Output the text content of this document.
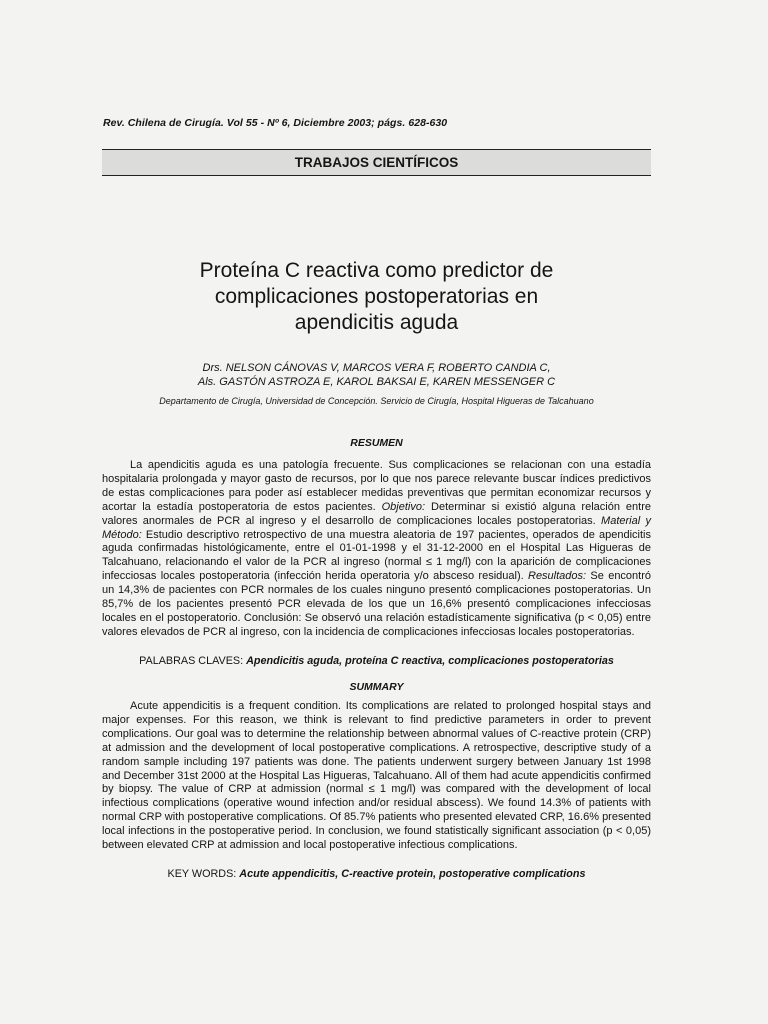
Rev. Chilena de Cirugía. Vol 55 - Nº 6, Diciembre 2003; págs. 628-630
TRABAJOS CIENTÍFICOS
Proteína C reactiva como predictor de
complicaciones postoperatorias en
apendicitis aguda
Drs. NELSON CÁNOVAS V, MARCOS VERA F, ROBERTO CANDIA C,
Als. GASTÓN ASTROZA E, KAROL BAKSAI E, KAREN MESSENGER C
Departamento de Cirugía, Universidad de Concepción. Servicio de Cirugía, Hospital Higueras de Talcahuano
RESUMEN

La apendicitis aguda es una patología frecuente. Sus complicaciones se relacionan con una estadía hospitalaria prolongada y mayor gasto de recursos, por lo que nos parece relevante buscar índices predictivos de estas complicaciones para poder así establecer medidas preventivas que permitan economizar recursos y acortar la estadía postoperatoria de estos pacientes. Objetivo: Determinar si existió alguna relación entre valores anormales de PCR al ingreso y el desarrollo de complicaciones locales postoperatorias. Material y Método: Estudio descriptivo retrospectivo de una muestra aleatoria de 197 pacientes, operados de apendicitis aguda confirmadas histológicamente, entre el 01-01-1998 y el 31-12-2000 en el Hospital Las Higueras de Talcahuano, relacionando el valor de la PCR al ingreso (normal ≤ 1 mg/l) con la aparición de complicaciones infecciosas locales postoperatoria (infección herida operatoria y/o absceso residual). Resultados: Se encontró un 14,3% de pacientes con PCR normales de los cuales ninguno presentó complicaciones postoperatorias. Un 85,7% de los pacientes presentó PCR elevada de los que un 16,6% presentó complicaciones infecciosas locales en el postoperatorio. Conclusión: Se observó una relación estadísticamente significativa (p < 0,05) entre valores elevados de PCR al ingreso, con la incidencia de complicaciones infecciosas locales postoperatorias.

PALABRAS CLAVES: Apendicitis aguda, proteína C reactiva, complicaciones postoperatorias
SUMMARY

Acute appendicitis is a frequent condition. Its complications are related to prolonged hospital stays and major expenses. For this reason, we think is relevant to find predictive parameters in order to prevent complications. Our goal was to determine the relationship between abnormal values of C-reactive protein (CRP) at admission and the development of local postoperative complications. A retrospective, descriptive study of a random sample including 197 patients was done. The patients underwent surgery between January 1st 1998 and December 31st 2000 at the Hospital Las Higueras, Talcahuano. All of them had acute appendicitis confirmed by biopsy. The value of CRP at admission (normal ≤ 1 mg/l) was compared with the development of local infectious complications (operative wound infection and/or residual abscess). We found 14.3% of patients with normal CRP with postoperative complications. Of 85.7% patients who presented elevated CRP, 16.6% presented local infections in the postoperative period. In conclusion, we found statistically significant association (p < 0,05) between elevated CRP at admission and local postoperative infectious complications.

KEY WORDS: Acute appendicitis, C-reactive protein, postoperative complications
